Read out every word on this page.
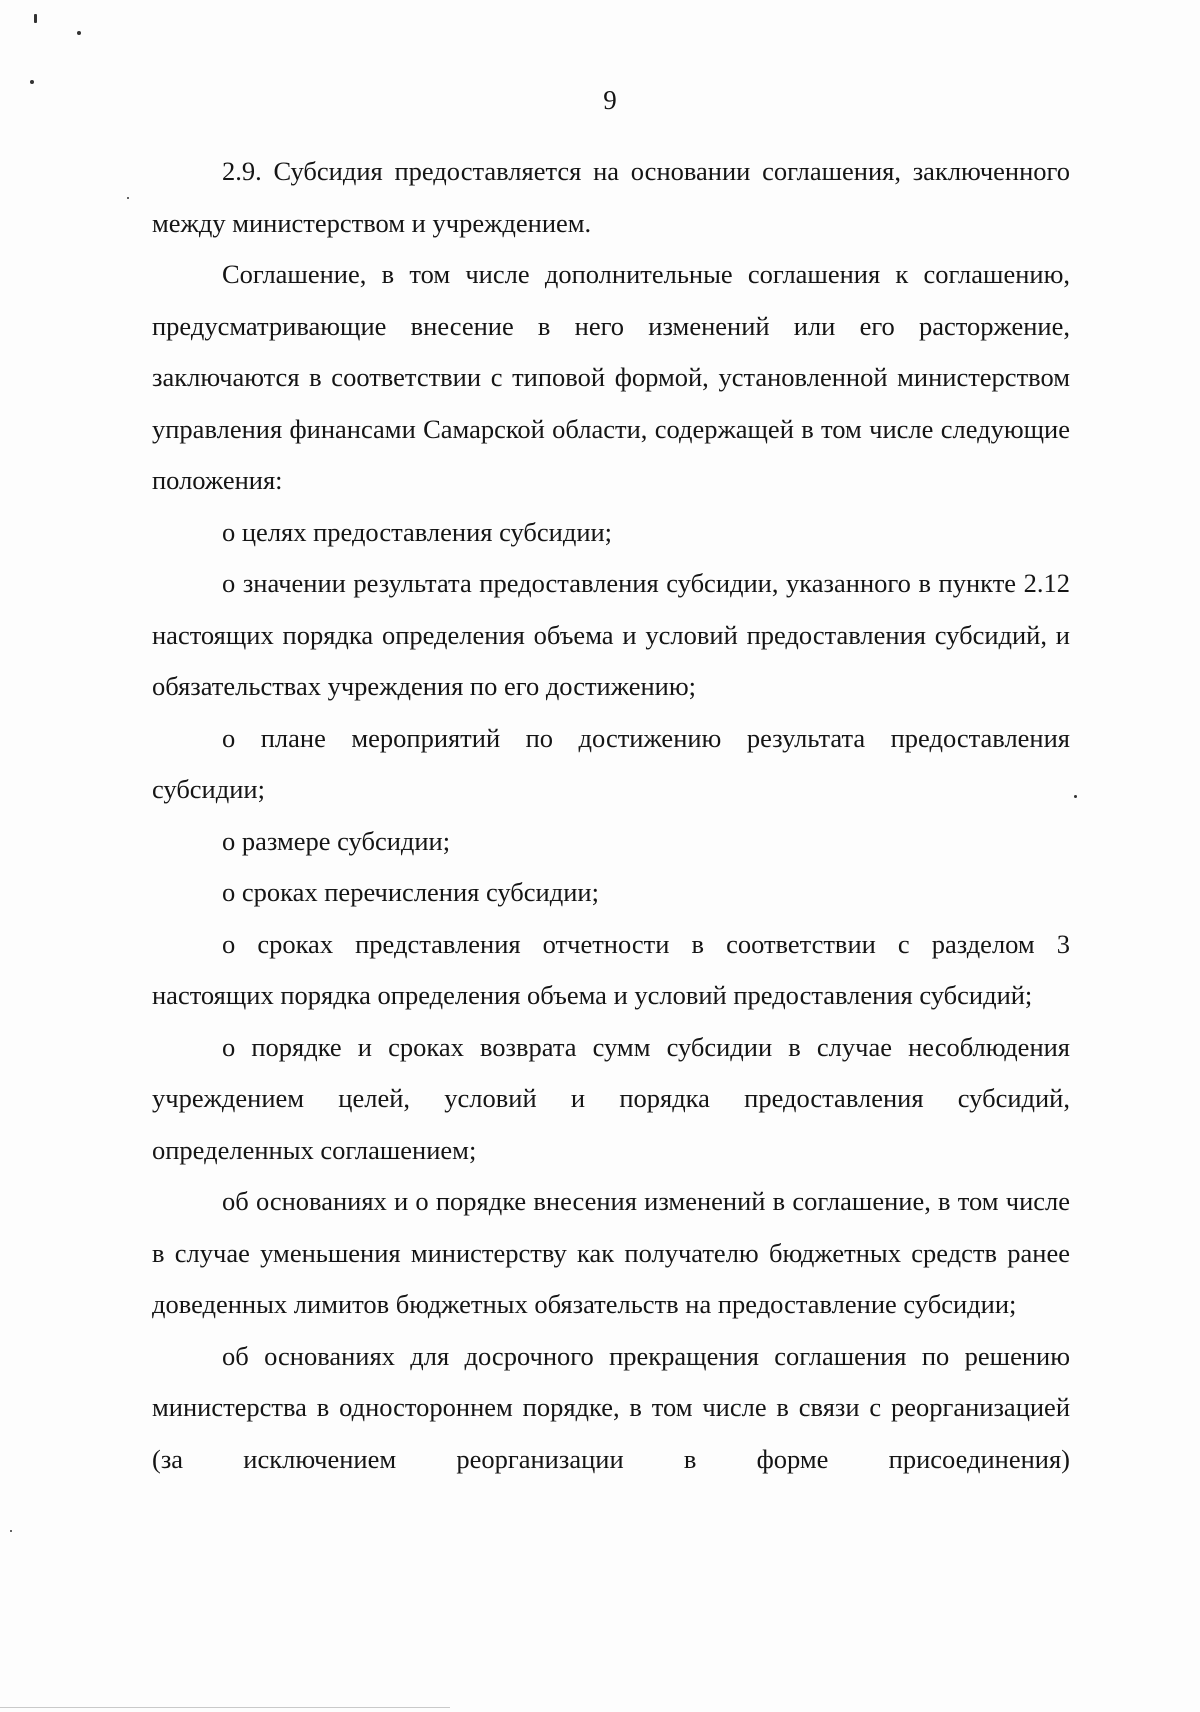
9

2.9. Субсидия предоставляется на основании соглашения, заключенного между министерством и учреждением.

Соглашение, в том числе дополнительные соглашения к соглашению, предусматривающие внесение в него изменений или его расторжение, заключаются в соответствии с типовой формой, установленной министерством управления финансами Самарской области, содержащей в том числе следующие положения:

о целях предоставления субсидии;

о значении результата предоставления субсидии, указанного в пункте 2.12 настоящих порядка определения объема и условий предоставления субсидий, и обязательствах учреждения по его достижению;

о плане мероприятий по достижению результата предоставления субсидии;

о размере субсидии;

о сроках перечисления субсидии;

о сроках представления отчетности в соответствии с разделом 3 настоящих порядка определения объема и условий предоставления субсидий;

о порядке и сроках возврата сумм субсидии в случае несоблюдения учреждением целей, условий и порядка предоставления субсидий, определенных соглашением;

об основаниях и о порядке внесения изменений в соглашение, в том числе в случае уменьшения министерству как получателю бюджетных средств ранее доведенных лимитов бюджетных обязательств на предоставление субсидии;

об основаниях для досрочного прекращения соглашения по решению министерства в одностороннем порядке, в том числе в связи с реорганизацией (за исключением реорганизации в форме присоединения)
